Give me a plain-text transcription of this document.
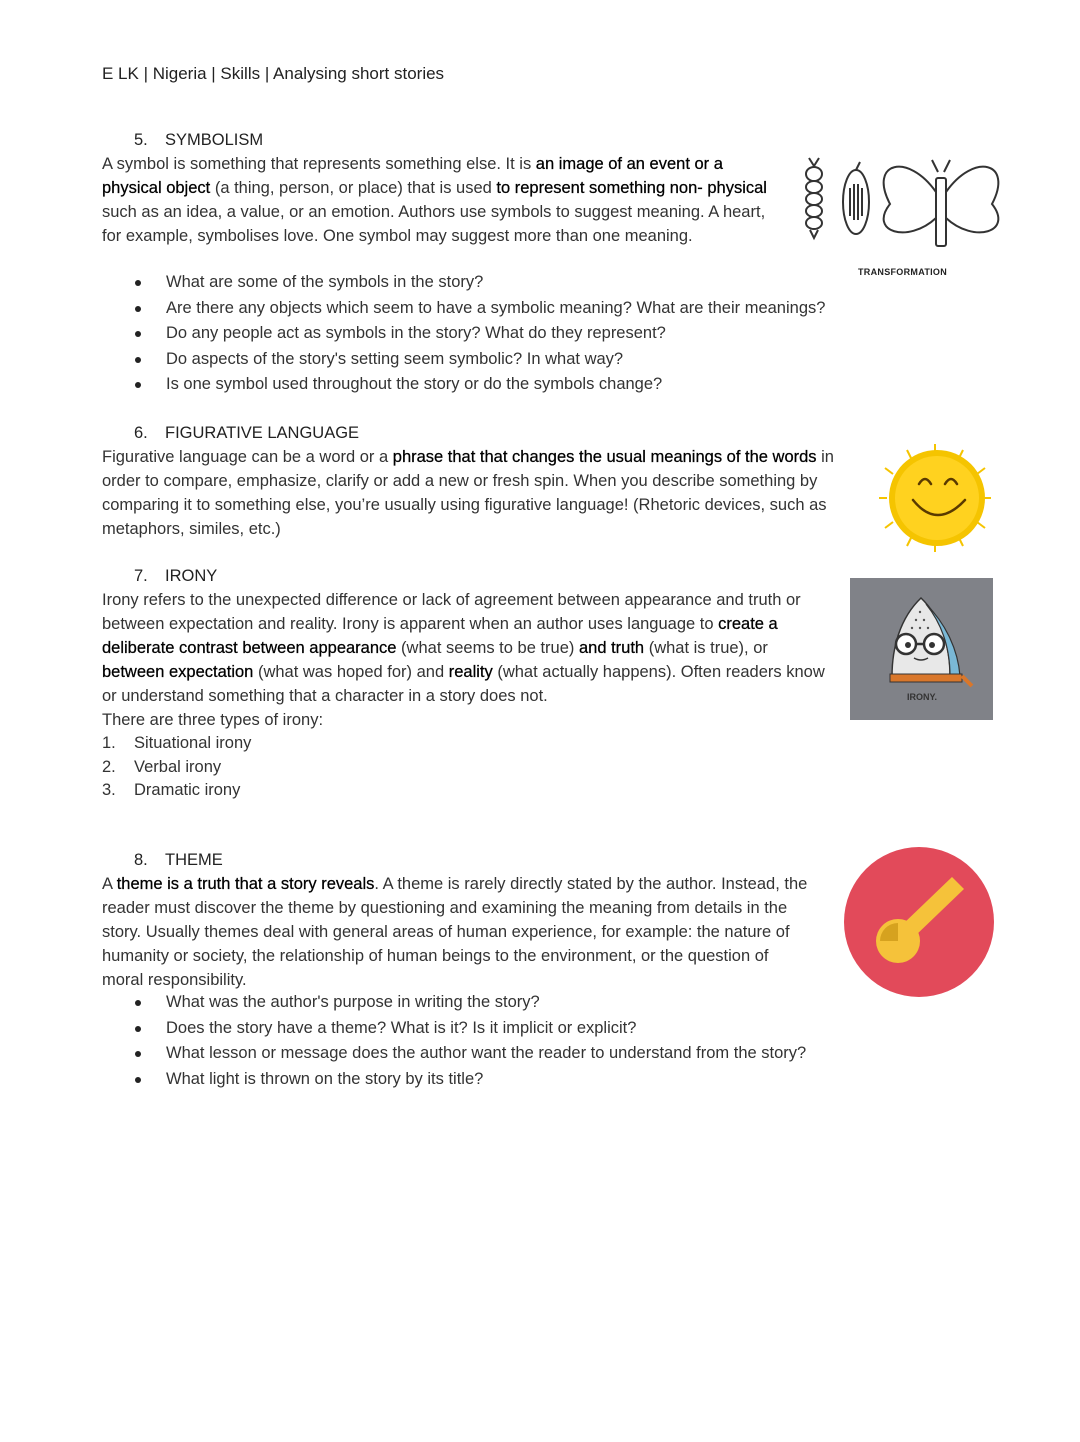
E LK | Nigeria | Skills | Analysing short stories
5. SYMBOLISM

A symbol is something that represents something else. It is an image of an event or a physical object (a thing, person, or place) that is used to represent something non- physical such as an idea, a value, or an emotion. Authors use symbols to suggest meaning. A heart, for example, symbolises love. One symbol may suggest more than one meaning.

What are some of the symbols in the story?
Are there any objects which seem to have a symbolic meaning? What are their meanings?
Do any people act as symbols in the story? What do they represent?
Do aspects of the story's setting seem symbolic? In what way?
Is one symbol used throughout the story or do the symbols change?
TRANSFORMATION
6. FIGURATIVE LANGUAGE

Figurative language can be a word or a phrase that that changes the usual meanings of the words in order to compare, emphasize, clarify or add a new or fresh spin. When you describe something by comparing it to something else, you’re usually using figurative language! (Rhetoric devices, such as metaphors, similes, etc.)

7. IRONY

Irony refers to the unexpected difference or lack of agreement between appearance and truth or between expectation and reality. Irony is apparent when an author uses language to create a deliberate contrast between appearance (what seems to be true) and truth (what is true), or between expectation (what was hoped for) and reality (what actually happens). Often readers know or understand something that a character in a story does not.

There are three types of irony:

1. Situational irony
2. Verbal irony
3. Dramatic irony
IRONY.
8. THEME

A theme is a truth that a story reveals. A theme is rarely directly stated by the author. Instead, the reader must discover the theme by questioning and examining the meaning from details in the story. Usually themes deal with general areas of human experience, for example: the nature of humanity or society, the relationship of human beings to the environment, or the question of moral responsibility.

What was the author's purpose in writing the story?
Does the story have a theme? What is it? Is it implicit or explicit?
What lesson or message does the author want the reader to understand from the story?
What light is thrown on the story by its title?
